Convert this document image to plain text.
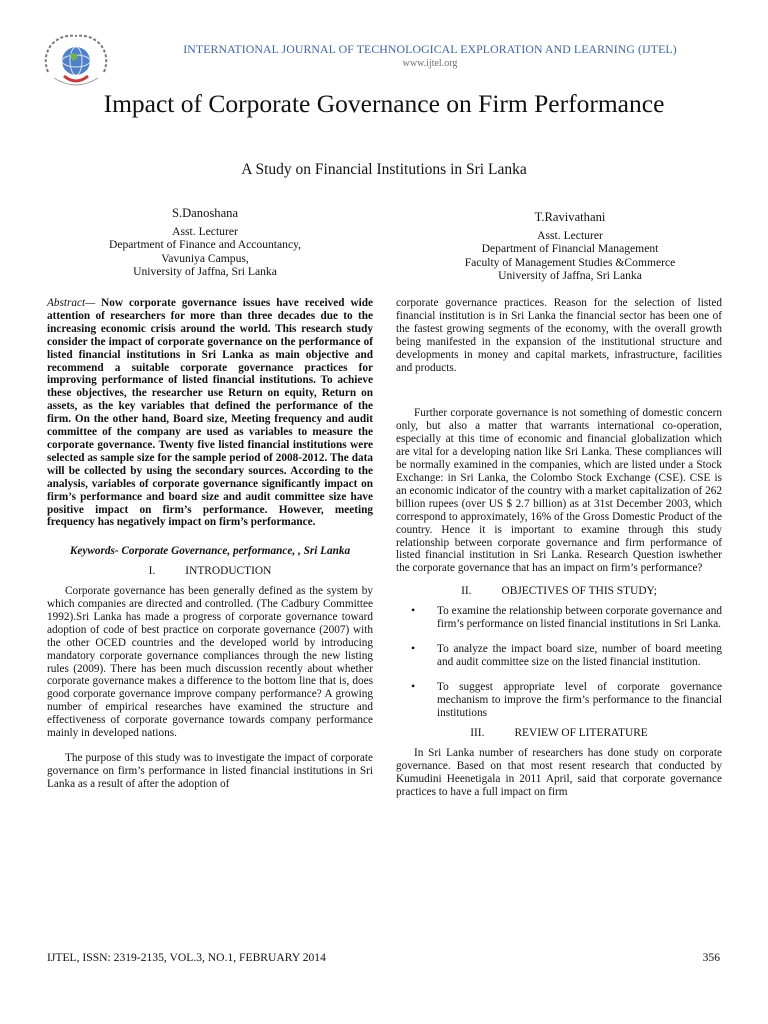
INTERNATIONAL JOURNAL OF TECHNOLOGICAL EXPLORATION AND LEARNING (IJTEL)
www.ijtel.org
Impact of Corporate Governance on Firm Performance
A Study on Financial Institutions in Sri Lanka
S.Danoshana
Asst. Lecturer
Department of Finance and Accountancy,
Vavuniya Campus,
University of Jaffna, Sri Lanka
T.Ravivathani
Asst. Lecturer
Department of Financial Management
Faculty of Management Studies &Commerce
University of Jaffna, Sri Lanka

Abstract— Now corporate governance issues have received wide attention of researchers for more than three decades due to the increasing economic crisis around the world. This research study consider the impact of corporate governance on the performance of listed financial institutions in Sri Lanka as main objective and recommend a suitable corporate governance practices for improving performance of listed financial institutions. To achieve these objectives, the researcher use Return on equity, Return on assets, as the key variables that defined the performance of the firm. On the other hand, Board size, Meeting frequency and audit committee of the company are used as variables to measure the corporate governance. Twenty five listed financial institutions were selected as sample size for the sample period of 2008-2012. The data will be collected by using the secondary sources. According to the analysis, variables of corporate governance significantly impact on firm’s performance and board size and audit committee size have positive impact on firm’s performance. However, meeting frequency has negatively impact on firm’s performance.

Keywords- Corporate Governance, performance, , Sri Lanka

I.	INTRODUCTION

Corporate governance has been generally defined as the system by which companies are directed and controlled. (The Cadbury Committee 1992).Sri Lanka has made a progress of corporate governance toward adoption of code of best practice on corporate governance (2007) with the other OCED countries and the developed world by introducing mandatory corporate governance compliances through the new listing rules (2009). There has been much discussion recently about whether corporate governance makes a difference to the bottom line that is, does good corporate governance improve company performance? A growing number of empirical researches have examined the structure and effectiveness of corporate governance towards company performance mainly in developed nations.

The purpose of this study was to investigate the impact of corporate governance on firm’s performance in listed financial institutions in Sri Lanka as a result of after the adoption of

corporate governance practices. Reason for the selection of listed financial institution is in Sri Lanka the financial sector has been one of the fastest growing segments of the economy, with the overall growth being manifested in the expansion of the institutional structure and developments in money and capital markets, infrastructure, facilities and products.

Further corporate governance is not something of domestic concern only, but also a matter that warrants international co-operation, especially at this time of economic and financial globalization which are vital for a developing nation like Sri Lanka. These compliances will be normally examined in the companies, which are listed under a Stock Exchange: in Sri Lanka, the Colombo Stock Exchange (CSE). CSE is an economic indicator of the country with a market capitalization of 262 billion rupees (over US $ 2.7 billion) as at 31st December 2003, which correspond to approximately, 16% of the Gross Domestic Product of the country. Hence it is important to examine through this study relationship between corporate governance and firm performance of listed financial institution in Sri Lanka. Research Question iswhether the corporate governance that has an impact on firm’s performance?

II.	OBJECTIVES OF THIS STUDY;

• To examine the relationship between corporate governance and firm’s performance on listed financial institutions in Sri Lanka.
• To analyze the impact board size, number of board meeting and audit committee size on the listed financial institution.
• To suggest appropriate level of corporate governance mechanism to improve the firm’s performance to the financial institutions

III.	REVIEW OF LITERATURE

In Sri Lanka number of researchers has done study on corporate governance. Based on that most resent research that conducted by Kumudini Heenetigala in 2011 April, said that corporate governance practices to have a full impact on firm

IJTEL, ISSN: 2319-2135, VOL.3, NO.1, FEBRUARY 2014	356
